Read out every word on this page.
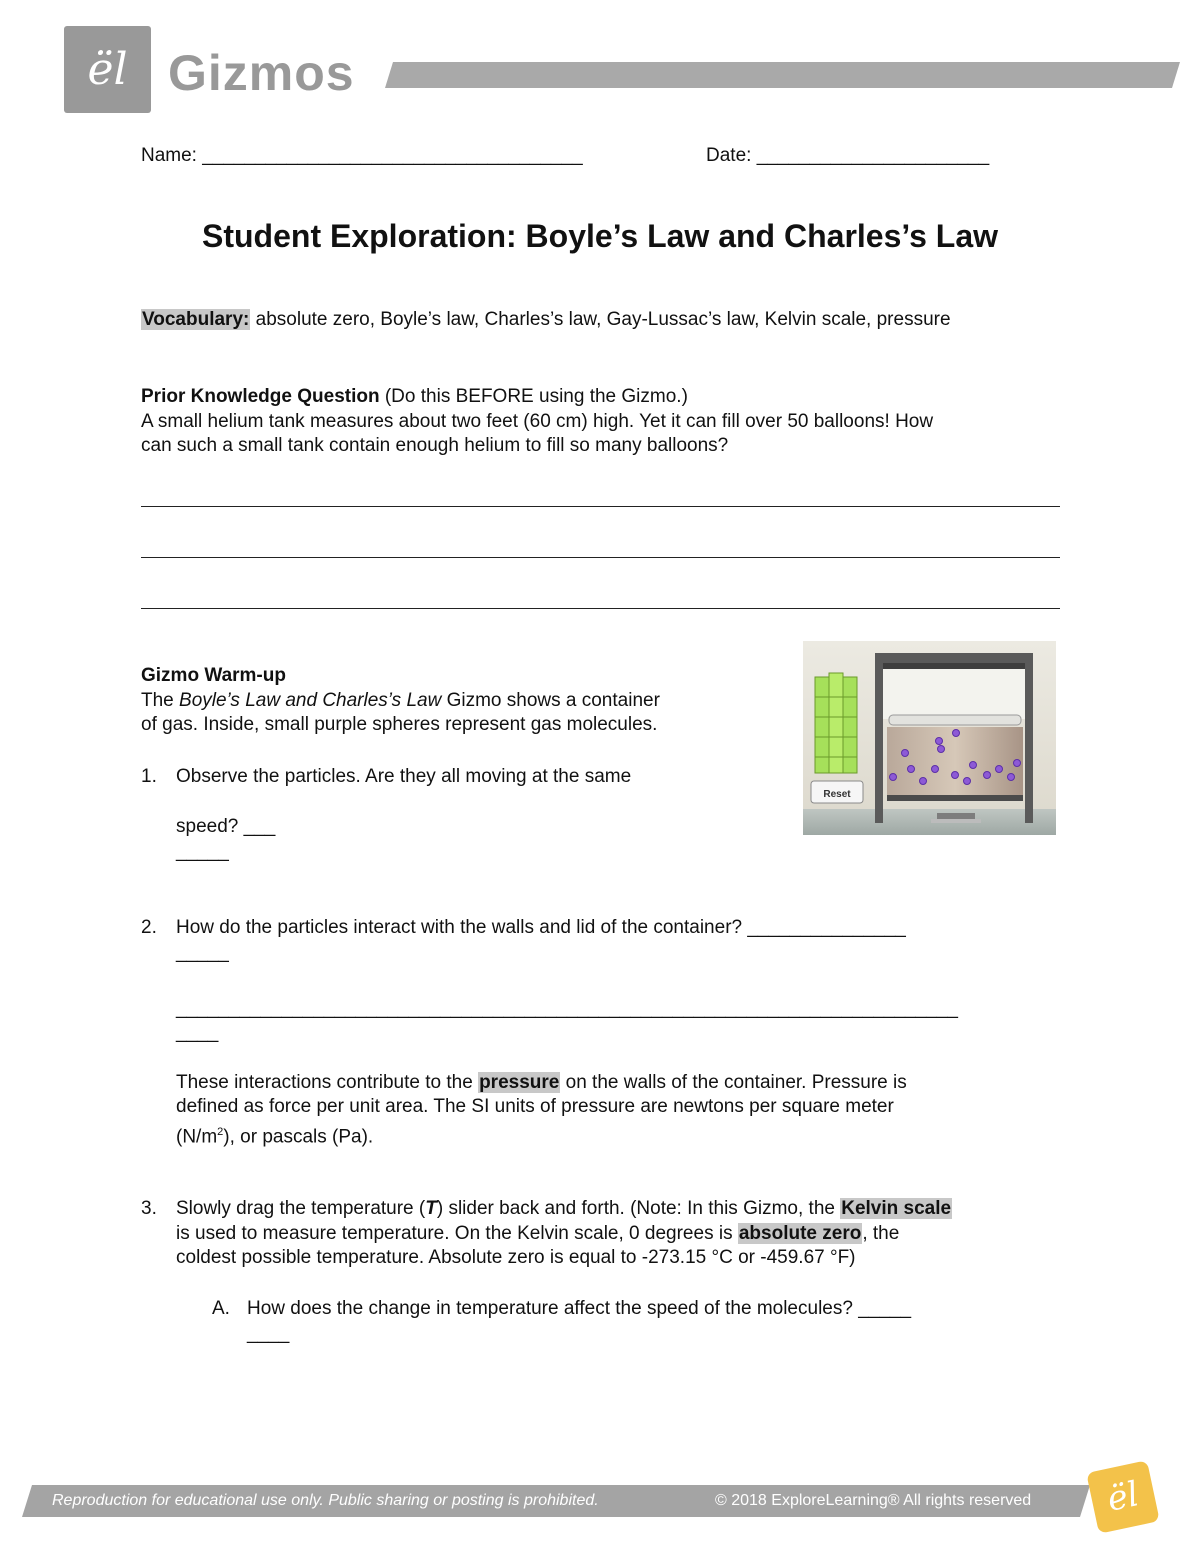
ël Gizmos
Name: ____________________________________	Date: ______________________
Student Exploration: Boyle’s Law and Charles’s Law
Vocabulary: absolute zero, Boyle’s law, Charles’s law, Gay-Lussac’s law, Kelvin scale, pressure
Prior Knowledge Question (Do this BEFORE using the Gizmo.)
A small helium tank measures about two feet (60 cm) high. Yet it can fill over 50 balloons! How
can such a small tank contain enough helium to fill so many balloons?
Gizmo Warm-up
The Boyle’s Law and Charles’s Law Gizmo shows a container
of gas. Inside, small purple spheres represent gas molecules.
1. Observe the particles. Are they all moving at the same
speed? ___
_____
2. How do the particles interact with the walls and lid of the container? _______________
_____
__________________________________________________________________________
____
These interactions contribute to the pressure on the walls of the container. Pressure is
defined as force per unit area. The SI units of pressure are newtons per square meter
$(N/m^2)$, or pascals (Pa).
3. Slowly drag the temperature (T) slider back and forth. (Note: In this Gizmo, the Kelvin scale
is used to measure temperature. On the Kelvin scale, 0 degrees is absolute zero, the
coldest possible temperature. Absolute zero is equal to -273.15 °C or -459.67 °F)
A. How does the change in temperature affect the speed of the molecules? _____
____
Reset
Reproduction for educational use only. Public sharing or posting is prohibited.	© 2018 ExploreLearning® All rights reserved	ël
